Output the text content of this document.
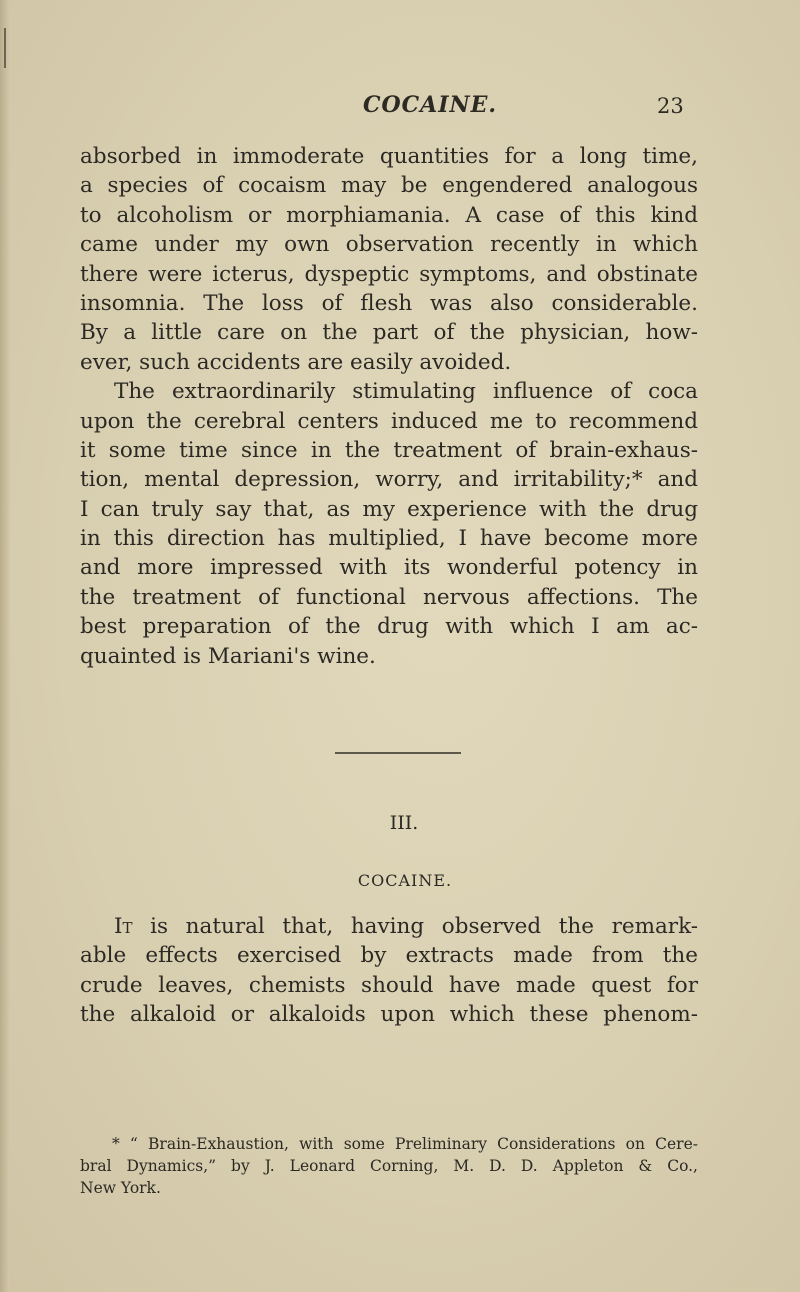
COCAINE.	23
absorbed in immoderate quantities for a long time,
a species of cocaism may be engendered analogous
to alcoholism or morphiamania. A case of this kind
came under my own observation recently in which
there were icterus, dyspeptic symptoms, and obstinate
insomnia. The loss of flesh was also considerable.
By a little care on the part of the physician, how-
ever, such accidents are easily avoided.
The extraordinarily stimulating influence of coca
upon the cerebral centers induced me to recommend
it some time since in the treatment of brain-exhaus-
tion, mental depression, worry, and irritability;* and
I can truly say that, as my experience with the drug
in this direction has multiplied, I have become more
and more impressed with its wonderful potency in
the treatment of functional nervous affections. The
best preparation of the drug with which I am ac-
quainted is Mariani's wine.
III.
COCAINE.
It is natural that, having observed the remark-
able effects exercised by extracts made from the
crude leaves, chemists should have made quest for
the alkaloid or alkaloids upon which these phenom-
* “ Brain-Exhaustion, with some Preliminary Considerations on Cere-
bral Dynamics,” by J. Leonard Corning, M. D. D. Appleton & Co.,
New York.
